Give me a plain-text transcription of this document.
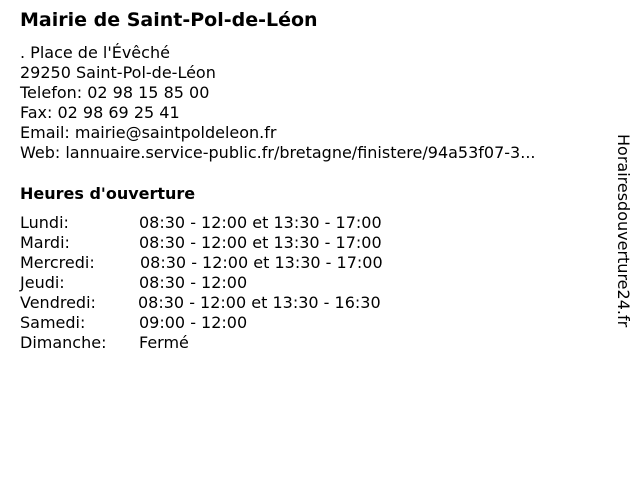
Mairie de Saint-Pol-de-Léon
. Place de l'Évêché
29250 Saint-Pol-de-Léon
Telefon: 02 98 15 85 00
Fax: 02 98 69 25 41
Email: mairie@saintpoldeleon.fr
Web: lannuaire.service-public.fr/bretagne/finistere/94a53f07-3...
Heures d'ouverture
Lundi:	08:30 - 12:00 et 13:30 - 17:00
Mardi:	08:30 - 12:00 et 13:30 - 17:00
Mercredi:	08:30 - 12:00 et 13:30 - 17:00
Jeudi:	08:30 - 12:00
Vendredi:	08:30 - 12:00 et 13:30 - 16:30
Samedi:	09:00 - 12:00
Dimanche: Fermé
Horairesdouverture24.fr
